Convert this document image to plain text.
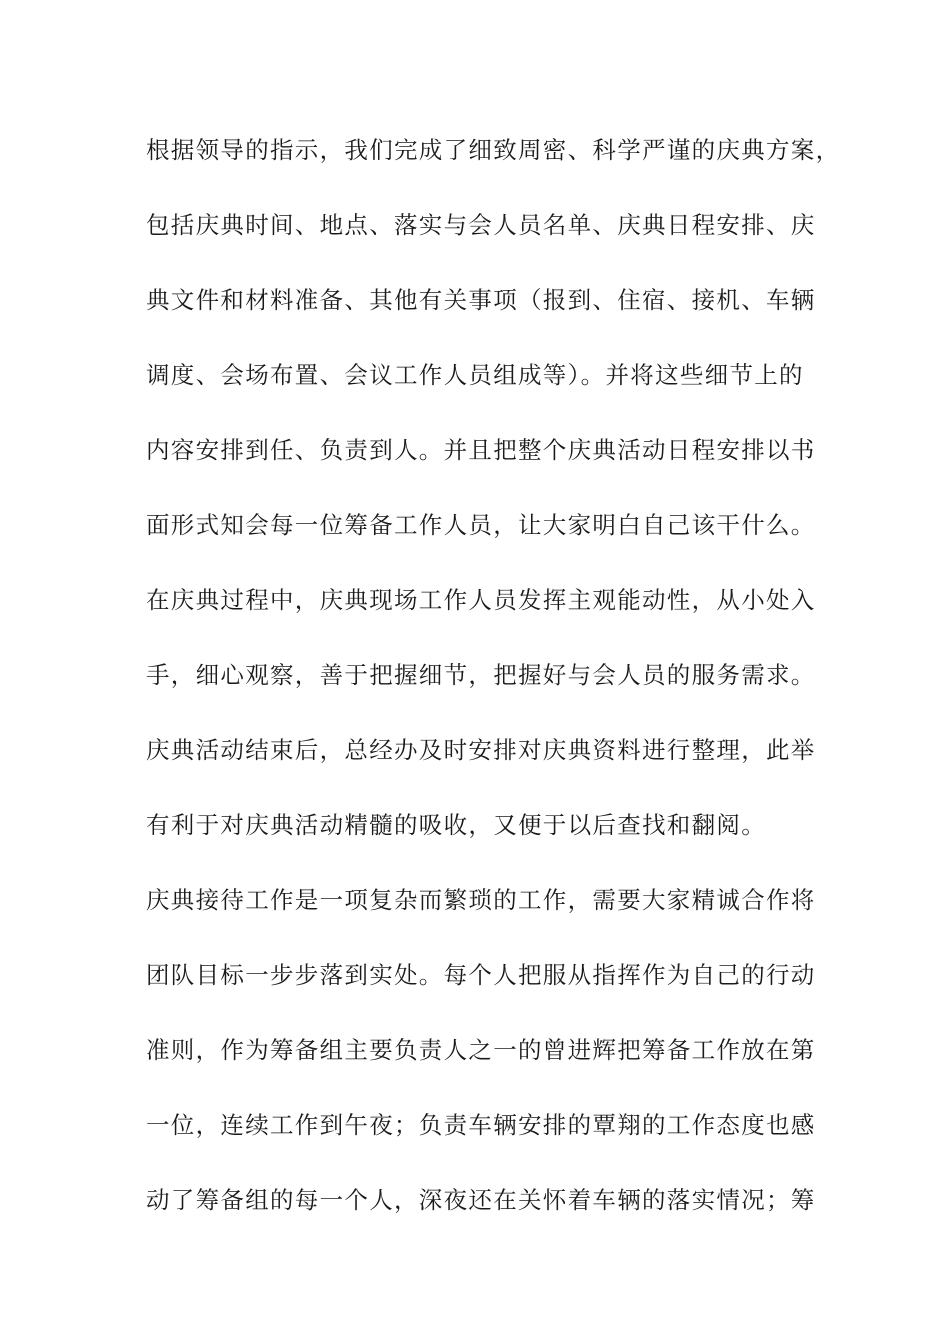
根据领导的指示，我们完成了细致周密、科学严谨的庆典方案，
包括庆典时间、地点、落实与会人员名单、庆典日程安排、庆
典文件和材料准备、其他有关事项（报到、住宿、接机、车辆
调度、会场布置、会议工作人员组成等）。并将这些细节上的
内容安排到任、负责到人。并且把整个庆典活动日程安排以书
面形式知会每一位筹备工作人员，让大家明白自己该干什么。
在庆典过程中，庆典现场工作人员发挥主观能动性，从小处入
手，细心观察，善于把握细节，把握好与会人员的服务需求。
庆典活动结束后，总经办及时安排对庆典资料进行整理，此举
有利于对庆典活动精髓的吸收，又便于以后查找和翻阅。
庆典接待工作是一项复杂而繁琐的工作，需要大家精诚合作将
团队目标一步步落到实处。每个人把服从指挥作为自己的行动
准则，作为筹备组主要负责人之一的曾进辉把筹备工作放在第
一位，连续工作到午夜；负责车辆安排的覃翔的工作态度也感
动了筹备组的每一个人，深夜还在关怀着车辆的落实情况；筹
